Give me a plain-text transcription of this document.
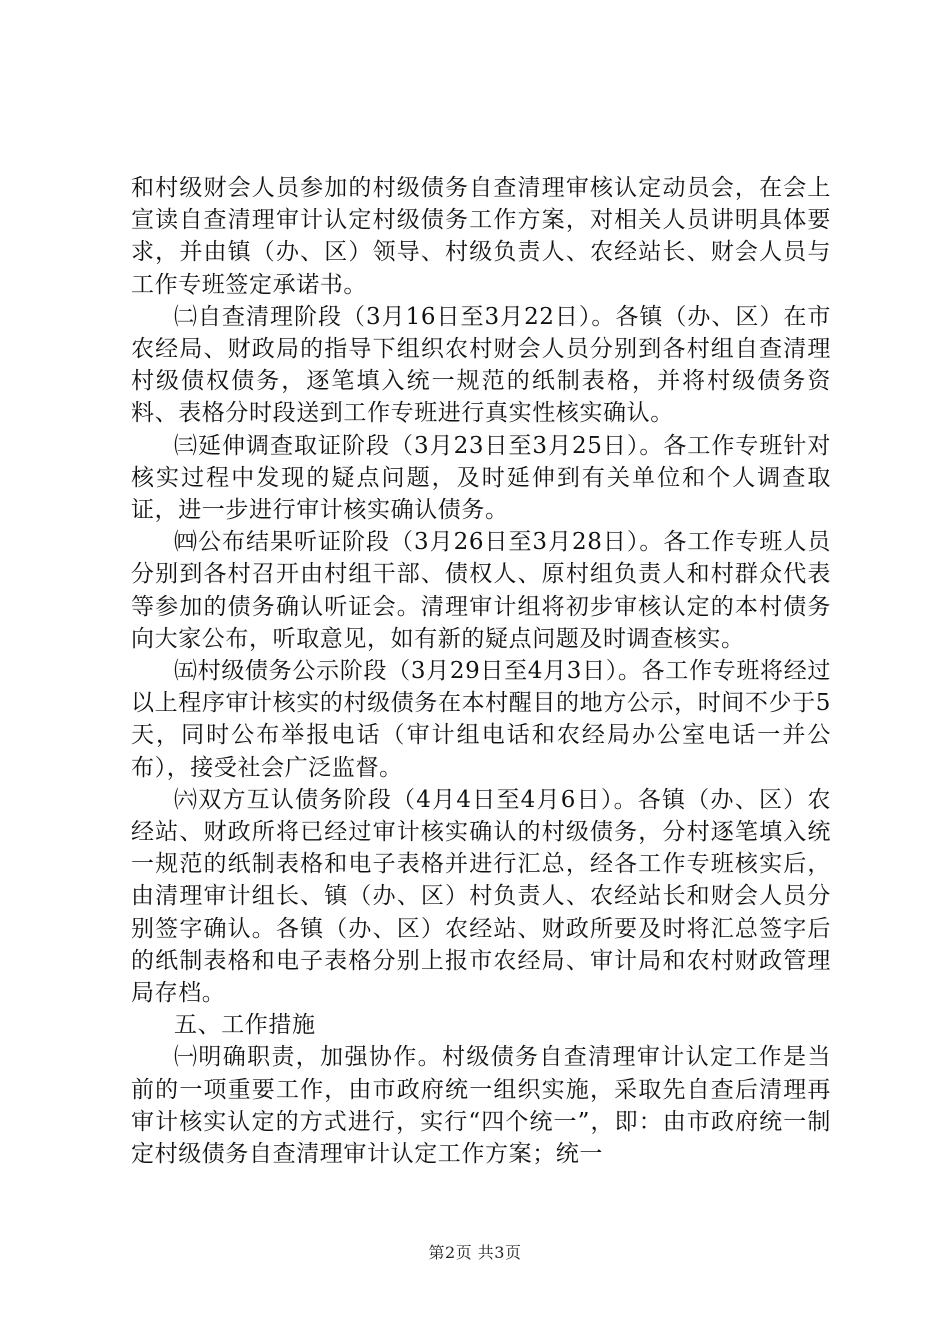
和村级财会人员参加的村级债务自查清理审核认定动员会，在会上宣读自查清理审计认定村级债务工作方案，对相关人员讲明具体要求，并由镇（办、区）领导、村级负责人、农经站长、财会人员与工作专班签定承诺书。

㈡自查清理阶段（3月16日至3月22日）。各镇（办、区）在市农经局、财政局的指导下组织农村财会人员分别到各村组自查清理村级债权债务，逐笔填入统一规范的纸制表格，并将村级债务资料、表格分时段送到工作专班进行真实性核实确认。

㈢延伸调查取证阶段（3月23日至3月25日）。各工作专班针对核实过程中发现的疑点问题，及时延伸到有关单位和个人调查取证，进一步进行审计核实确认债务。

㈣公布结果听证阶段（3月26日至3月28日）。各工作专班人员分别到各村召开由村组干部、债权人、原村组负责人和村群众代表等参加的债务确认听证会。清理审计组将初步审核认定的本村债务向大家公布，听取意见，如有新的疑点问题及时调查核实。

㈤村级债务公示阶段（3月29日至4月3日）。各工作专班将经过以上程序审计核实的村级债务在本村醒目的地方公示，时间不少于5天，同时公布举报电话（审计组电话和农经局办公室电话一并公布），接受社会广泛监督。

㈥双方互认债务阶段（4月4日至4月6日）。各镇（办、区）农经站、财政所将已经过审计核实确认的村级债务，分村逐笔填入统一规范的纸制表格和电子表格并进行汇总，经各工作专班核实后，由清理审计组长、镇（办、区）村负责人、农经站长和财会人员分别签字确认。各镇（办、区）农经站、财政所要及时将汇总签字后的纸制表格和电子表格分别上报市农经局、审计局和农村财政管理局存档。

五、工作措施

㈠明确职责，加强协作。村级债务自查清理审计认定工作是当前的一项重要工作，由市政府统一组织实施，采取先自查后清理再审计核实认定的方式进行，实行“四个统一”，即：由市政府统一制定村级债务自查清理审计认定工作方案；统一

第2页 共3页
